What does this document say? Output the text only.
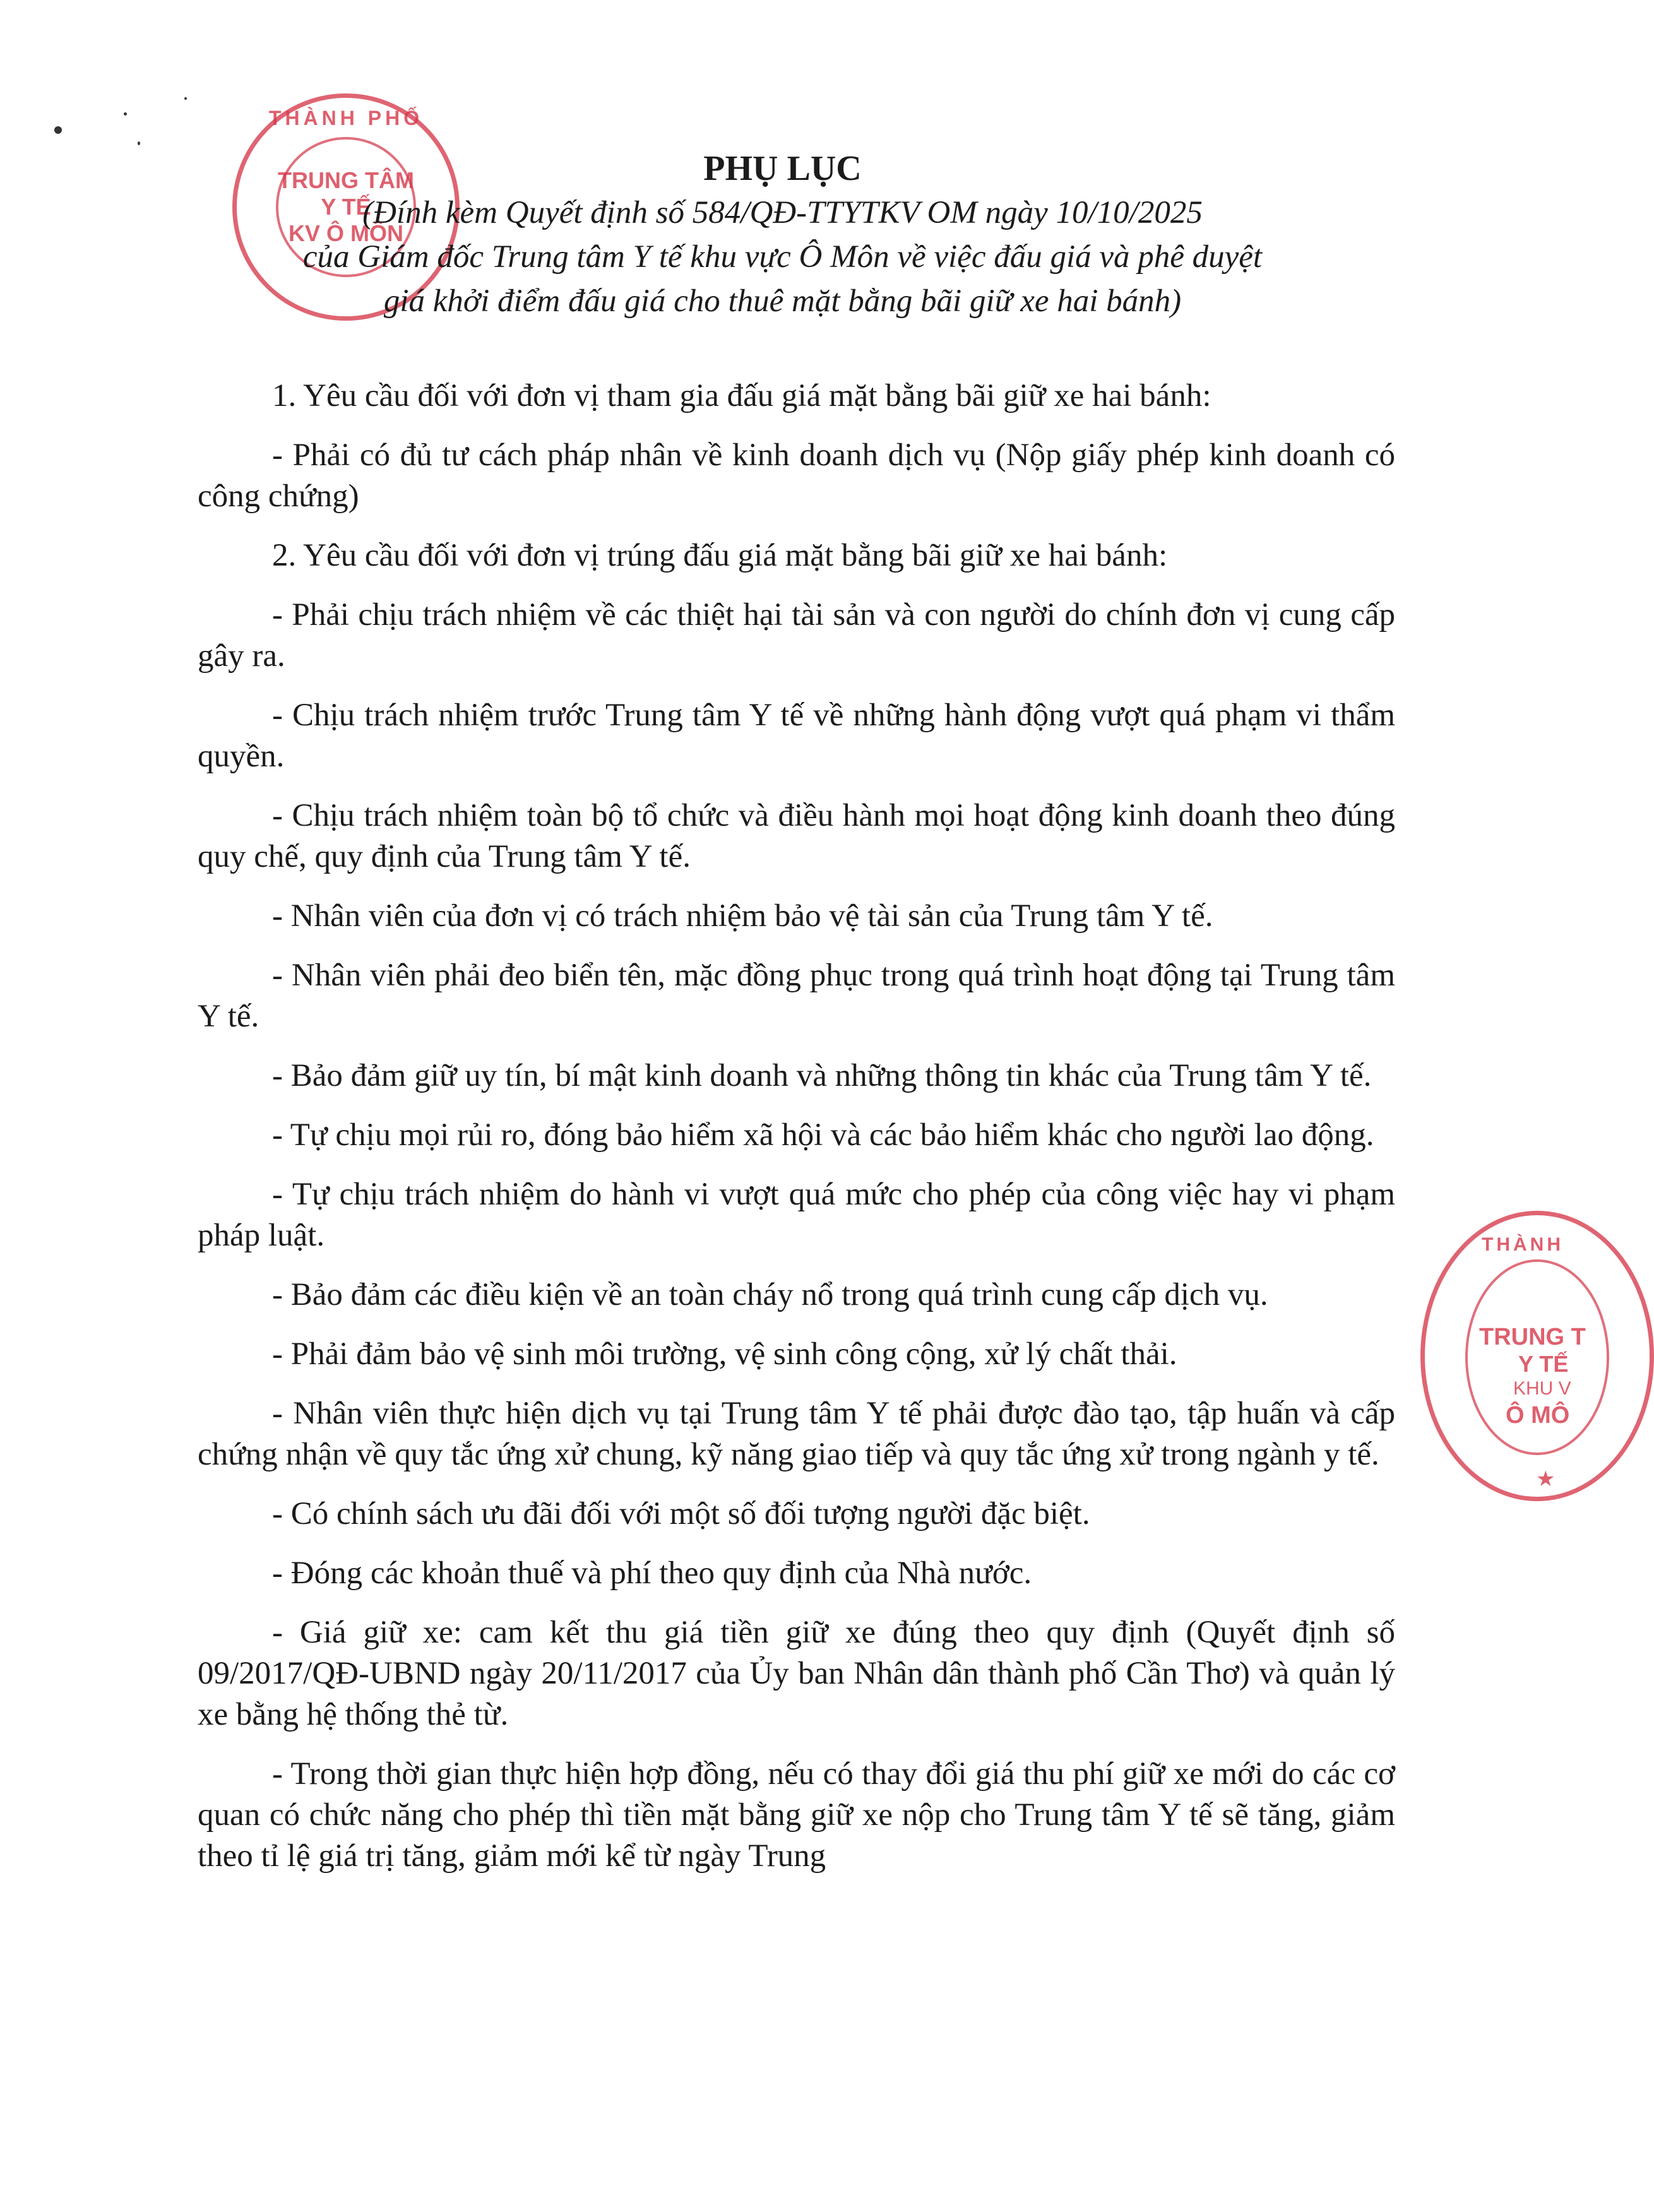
THÀNH PHỐ
TRUNG TÂM
Y TẾ
KV Ô MÔN
THÀNH
TRUNG T
Y TẾ
KHU V
Ô MÔ
★

PHỤ LỤC

(Đính kèm Quyết định số 584/QĐ-TTYTKV OM ngày 10/10/2025

của Giám đốc Trung tâm Y tế khu vực Ô Môn về việc đấu giá và phê duyệt

giá khởi điểm đấu giá cho thuê mặt bằng bãi giữ xe hai bánh)

1. Yêu cầu đối với đơn vị tham gia đấu giá mặt bằng bãi giữ xe hai bánh:

- Phải có đủ tư cách pháp nhân về kinh doanh dịch vụ (Nộp giấy phép kinh doanh có công chứng)

2. Yêu cầu đối với đơn vị trúng đấu giá mặt bằng bãi giữ xe hai bánh:

- Phải chịu trách nhiệm về các thiệt hại tài sản và con người do chính đơn vị cung cấp gây ra.

- Chịu trách nhiệm trước Trung tâm Y tế về những hành động vượt quá phạm vi thẩm quyền.

- Chịu trách nhiệm toàn bộ tổ chức và điều hành mọi hoạt động kinh doanh theo đúng quy chế, quy định của Trung tâm Y tế.

- Nhân viên của đơn vị có trách nhiệm bảo vệ tài sản của Trung tâm Y tế.

- Nhân viên phải đeo biển tên, mặc đồng phục trong quá trình hoạt động tại Trung tâm Y tế.

- Bảo đảm giữ uy tín, bí mật kinh doanh và những thông tin khác của Trung tâm Y tế.

- Tự chịu mọi rủi ro, đóng bảo hiểm xã hội và các bảo hiểm khác cho người lao động.

- Tự chịu trách nhiệm do hành vi vượt quá mức cho phép của công việc hay vi phạm pháp luật.

- Bảo đảm các điều kiện về an toàn cháy nổ trong quá trình cung cấp dịch vụ.

- Phải đảm bảo vệ sinh môi trường, vệ sinh công cộng, xử lý chất thải.

- Nhân viên thực hiện dịch vụ tại Trung tâm Y tế phải được đào tạo, tập huấn và cấp chứng nhận về quy tắc ứng xử chung, kỹ năng giao tiếp và quy tắc ứng xử trong ngành y tế.

- Có chính sách ưu đãi đối với một số đối tượng người đặc biệt.

- Đóng các khoản thuế và phí theo quy định của Nhà nước.

- Giá giữ xe: cam kết thu giá tiền giữ xe đúng theo quy định (Quyết định số 09/2017/QĐ-UBND ngày 20/11/2017 của Ủy ban Nhân dân thành phố Cần Thơ) và quản lý xe bằng hệ thống thẻ từ.

- Trong thời gian thực hiện hợp đồng, nếu có thay đổi giá thu phí giữ xe mới do các cơ quan có chức năng cho phép thì tiền mặt bằng giữ xe nộp cho Trung tâm Y tế sẽ tăng, giảm theo tỉ lệ giá trị tăng, giảm mới kể từ ngày Trung
